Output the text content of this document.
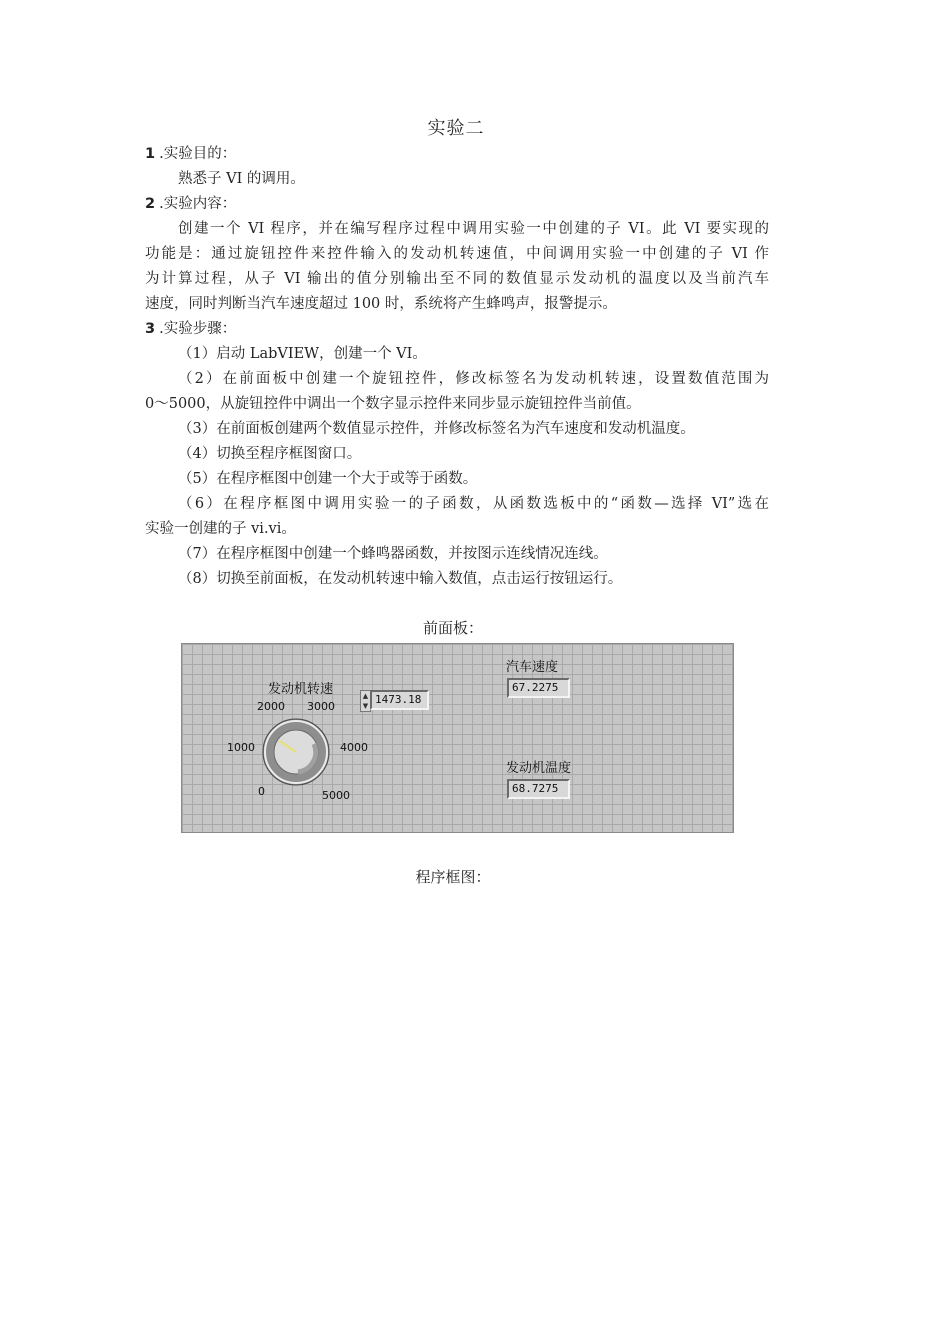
实验二
1 .实验目的：
熟悉子 VI 的调用。
2 .实验内容：
创建一个 VI 程序，并在编写程序过程中调用实验一中创建的子 VI。此 VI 要实现的
功能是：通过旋钮控件来控件输入的发动机转速值，中间调用实验一中创建的子 VI 作
为计算过程，从子 VI 输出的值分别输出至不同的数值显示发动机的温度以及当前汽车
速度，同时判断当汽车速度超过 100 时，系统将产生蜂鸣声，报警提示。
3 .实验步骤：
（1）启动 LabVIEW，创建一个 VI。
（2）在前面板中创建一个旋钮控件，修改标签名为发动机转速，设置数值范围为
0～5000，从旋钮控件中调出一个数字显示控件来同步显示旋钮控件当前值。
（3）在前面板创建两个数值显示控件，并修改标签名为汽车速度和发动机温度。
（4）切换至程序框图窗口。
（5）在程序框图中创建一个大于或等于函数。
（6）在程序框图中调用实验一的子函数，从函数选板中的“函数—选择 VI”选在
实验一创建的子 vi.vi。
（7）在程序框图中创建一个蜂鸣器函数，并按图示连线情况连线。
（8）切换至前面板，在发动机转速中输入数值，点击运行按钮运行。
前面板：
发动机转速	▲
▼ 1473.18
2000 3000
1000	4000
0	5000
汽车速度
67.2275
发动机温度
68.7275
程序框图：
